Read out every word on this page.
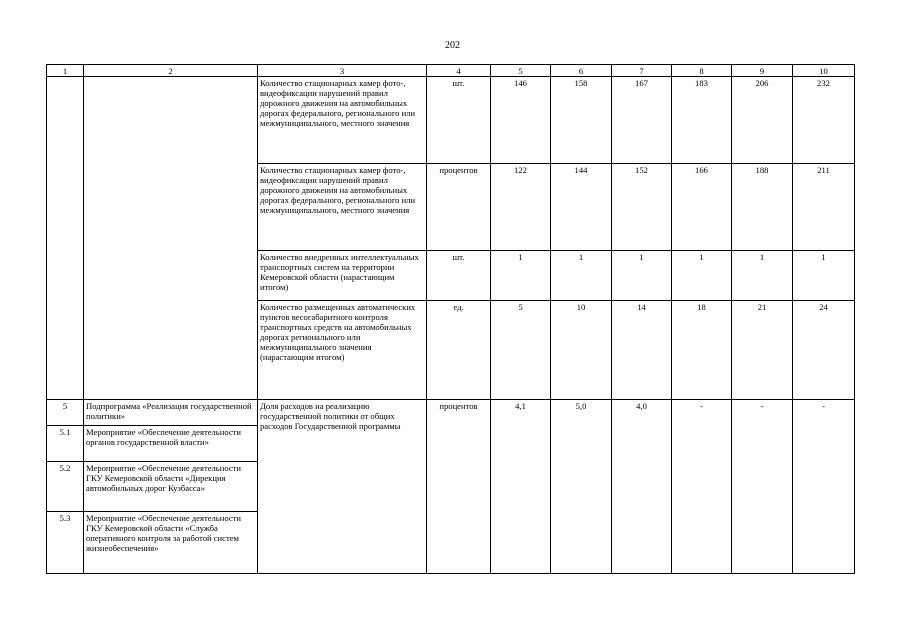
202
1	2	3	4	5	6	7	8	9	10
		Количество стационарных камер фото-, видеофиксации нарушений правил дорожного движения на автомобильных дорогах федерального, регионального или межмуниципального, местного значения	шт.	146	158	167	183	206	232
		Количество стационарных камер фото-, видеофиксации нарушений правил дорожного движения на автомобильных дорогах федерального, регионального или межмуниципального, местного значения	процентов	122	144	152	166	188	211
		Количество внедренных интеллектуальных транспортных систем на территории Кемеровской области (нарастающим итогом)	шт.	1	1	1	1	1	1
		Количество размещенных автоматических пунктов весогабаритного контроля транспортных средств на автомобильных дорогах регионального или межмуниципального значения (нарастающим итогом)	ед.	5	10	14	18	21	24
5	Подпрограмма «Реализация государственной политики»	Доля расходов на реализацию государственной политики от общих расходов Государственной программы	процентов	4,1	5,0	4,0	-	-	-
5.1	Мероприятие «Обеспечение деятельности органов государственной власти»								
5.2	Мероприятие «Обеспечение деятельности ГКУ Кемеровской области «Дирекция автомобильных дорог Кузбасса»								
5.3	Мероприятие «Обеспечение деятельности ГКУ Кемеровской области «Служба оперативного контроля за работой систем жизнеобеспечения»								
